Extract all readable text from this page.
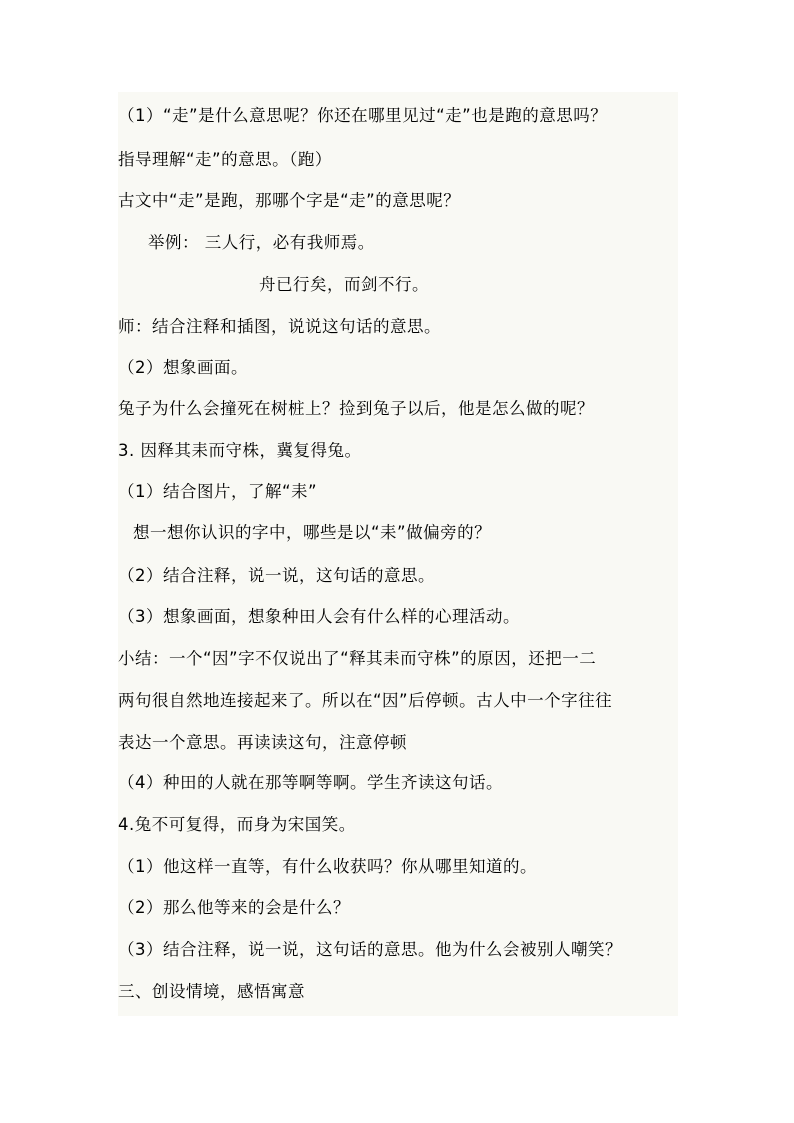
（1）“走”是什么意思呢？你还在哪里见过“走”也是跑的意思吗？
指导理解“走”的意思。（跑）
古文中“走”是跑，那哪个字是“走”的意思呢？
举例： 三人行，必有我师焉。
舟已行矣，而剑不行。
师：结合注释和插图，说说这句话的意思。
（2）想象画面。
兔子为什么会撞死在树桩上？捡到兔子以后，他是怎么做的呢？
3. 因释其耒而守株，冀复得兔。
（1）结合图片，了解“耒”
想一想你认识的字中，哪些是以“耒”做偏旁的？
（2）结合注释，说一说，这句话的意思。
（3）想象画面，想象种田人会有什么样的心理活动。
小结：一个“因”字不仅说出了“释其耒而守株”的原因，还把一二
两句很自然地连接起来了。所以在“因”后停顿。古人中一个字往往
表达一个意思。再读读这句，注意停顿
（4）种田的人就在那等啊等啊。学生齐读这句话。
4.兔不可复得，而身为宋国笑。
（1）他这样一直等，有什么收获吗？你从哪里知道的。
（2）那么他等来的会是什么？
（3）结合注释，说一说，这句话的意思。他为什么会被别人嘲笑？
三、创设情境，感悟寓意
